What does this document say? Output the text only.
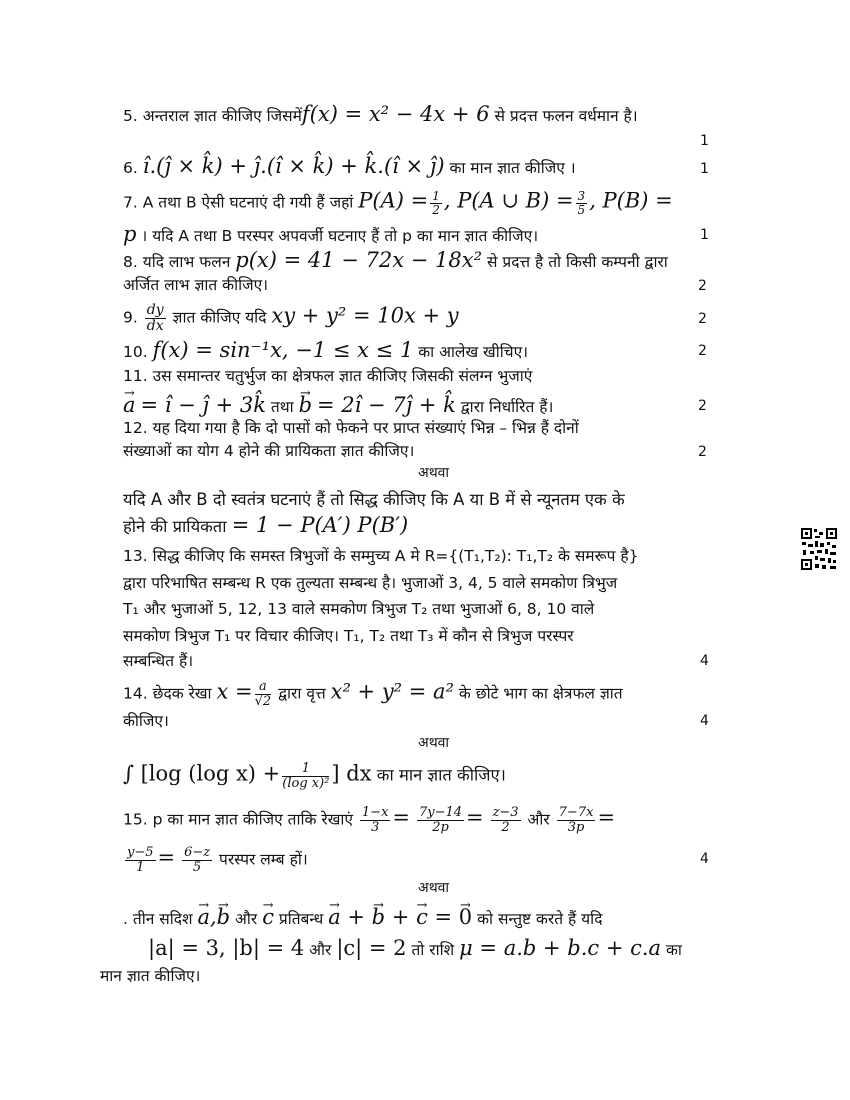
5. अन्तराल ज्ञात कीजिए जिसमेंf(x) = x² − 4x + 6 से प्रदत्त फलन वर्धमान है।
1
6. î.(ĵ × k̂) + ĵ.(î × k̂) + k̂.(î × ĵ) का मान ज्ञात कीजिए ।	1
7. A तथा B ऐसी घटनाएं दी गयी हैं जहां $P(A) = \frac{1}{2}$ , P(A ∪ $B) = \frac{3}{5}$ , P(B) =
p । यदि A तथा B परस्पर अपवर्जी घटनाए हैं तो p का मान ज्ञात कीजिए।	1
8. यदि लाभ फलन p(x) = 41 − 72x − 18x² से प्रदत्त है तो किसी कम्पनी द्वारा
अर्जित लाभ ज्ञात कीजिए।	2
9. $\frac{dy}{dx}$ ज्ञात कीजिए यदि xy + y² = 10x + y	2
10. f(x) = sin⁻¹x, −1 ≤ x ≤ 1 का आलेख खीचिए।	2
11. उस समान्तर चतुर्भुज का क्षेत्रफल ज्ञात कीजिए जिसकी संलग्न भुजाएं
→ a = î − ĵ + 3k̂ तथा → b = 2î − 7ĵ + k̂ द्वारा निर्धारित हैं।	2
12. यह दिया गया है कि दो पासों को फेकने पर प्राप्त संख्याएं भिन्न – भिन्न हैं दोनों
संख्याओं का योग 4 होने की प्रायिकता ज्ञात कीजिए।	2
अथवा
यदि A और B दो स्वतंत्र घटनाएं हैं तो सिद्ध कीजिए कि A या B में से न्यूनतम एक के
होने की प्रायिकता = 1 − P(A′) P(B′)
13. सिद्ध कीजिए कि समस्त त्रिभुजों के सम्मुच्य A मे R={(T₁,T₂): T₁,T₂ के समरूप है}
द्वारा परिभाषित सम्बन्ध R एक तुल्यता सम्बन्ध है। भुजाओं 3, 4, 5 वाले समकोण त्रिभुज
T₁ और भुजाओं 5, 12, 13 वाले समकोण त्रिभुज T₂ तथा भुजाओं 6, 8, 10 वाले
समकोण त्रिभुज T₁ पर विचार कीजिए। T₁, T₂ तथा T₃ में कौन से त्रिभुज परस्पर
सम्बन्धित हैं।	4
14. छेदक रेखा $x = \frac{a}{√2}$ द्वारा वृत्त x² + y² = a² के छोटे भाग का क्षेत्रफल ज्ञात
कीजिए।	4
अथवा
∫ [log (log $x) + \frac{1}{\text{(log x)²}}$ ] dx का मान ज्ञात कीजिए।
15. p का मान ज्ञात कीजिए ताकि रेखाएं $\frac{1-x}{3} = \frac{7y-14}{2p} = \frac{z-3}{2}$ और $\frac{7-7x}{3p}$ =
$\frac{y-5}{1} = \frac{6-z}{5}$ परस्पर लम्ब हों।	4
अथवा
. तीन सदिश → a,→ b और → c प्रतिबन्ध → a + → b + → c = → 0 को सन्तुष्ट करते हैं यदि
|a| = 3, |b| = 4 और |c| = 2 तो राशि μ = a.b + b.c + c.a का
मान ज्ञात कीजिए।
